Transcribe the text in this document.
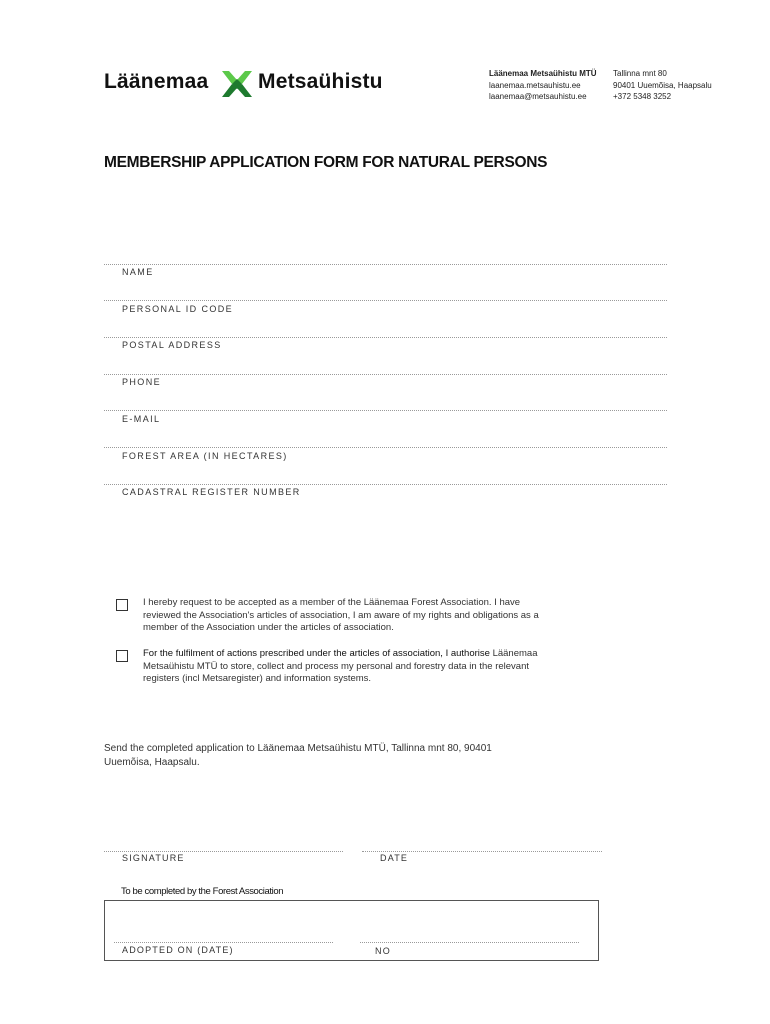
Läänemaa Metsaühistu	Läänemaa Metsaühistu MTÜ
laanemaa.metsauhistu.ee
laanemaa@metsauhistu.ee
Tallinna mnt 80
90401 Uuemõisa, Haapsalu
+372 5348 3252
MEMBERSHIP APPLICATION FORM FOR NATURAL PERSONS
NAME
PERSONAL ID CODE
POSTAL ADDRESS
PHONE
E-MAIL
FOREST AREA (IN HECTARES)
CADASTRAL REGISTER NUMBER
I hereby request to be accepted as a member of the Läänemaa Forest Association. I have reviewed the Association's articles of association, I am aware of my rights and obligations as a member of the Association under the articles of association.
For the fulfilment of actions prescribed under the articles of association, I authorise Läänemaa Metsaühistu MTÜ to store, collect and process my personal and forestry data in the relevant registers (incl Metsaregister) and information systems.
Send the completed application to Läänemaa Metsaühistu MTÜ, Tallinna mnt 80, 90401 Uuemõisa, Haapsalu.
SIGNATURE	DATE
To be completed by the Forest Association
ADOPTED ON (DATE)	NO
